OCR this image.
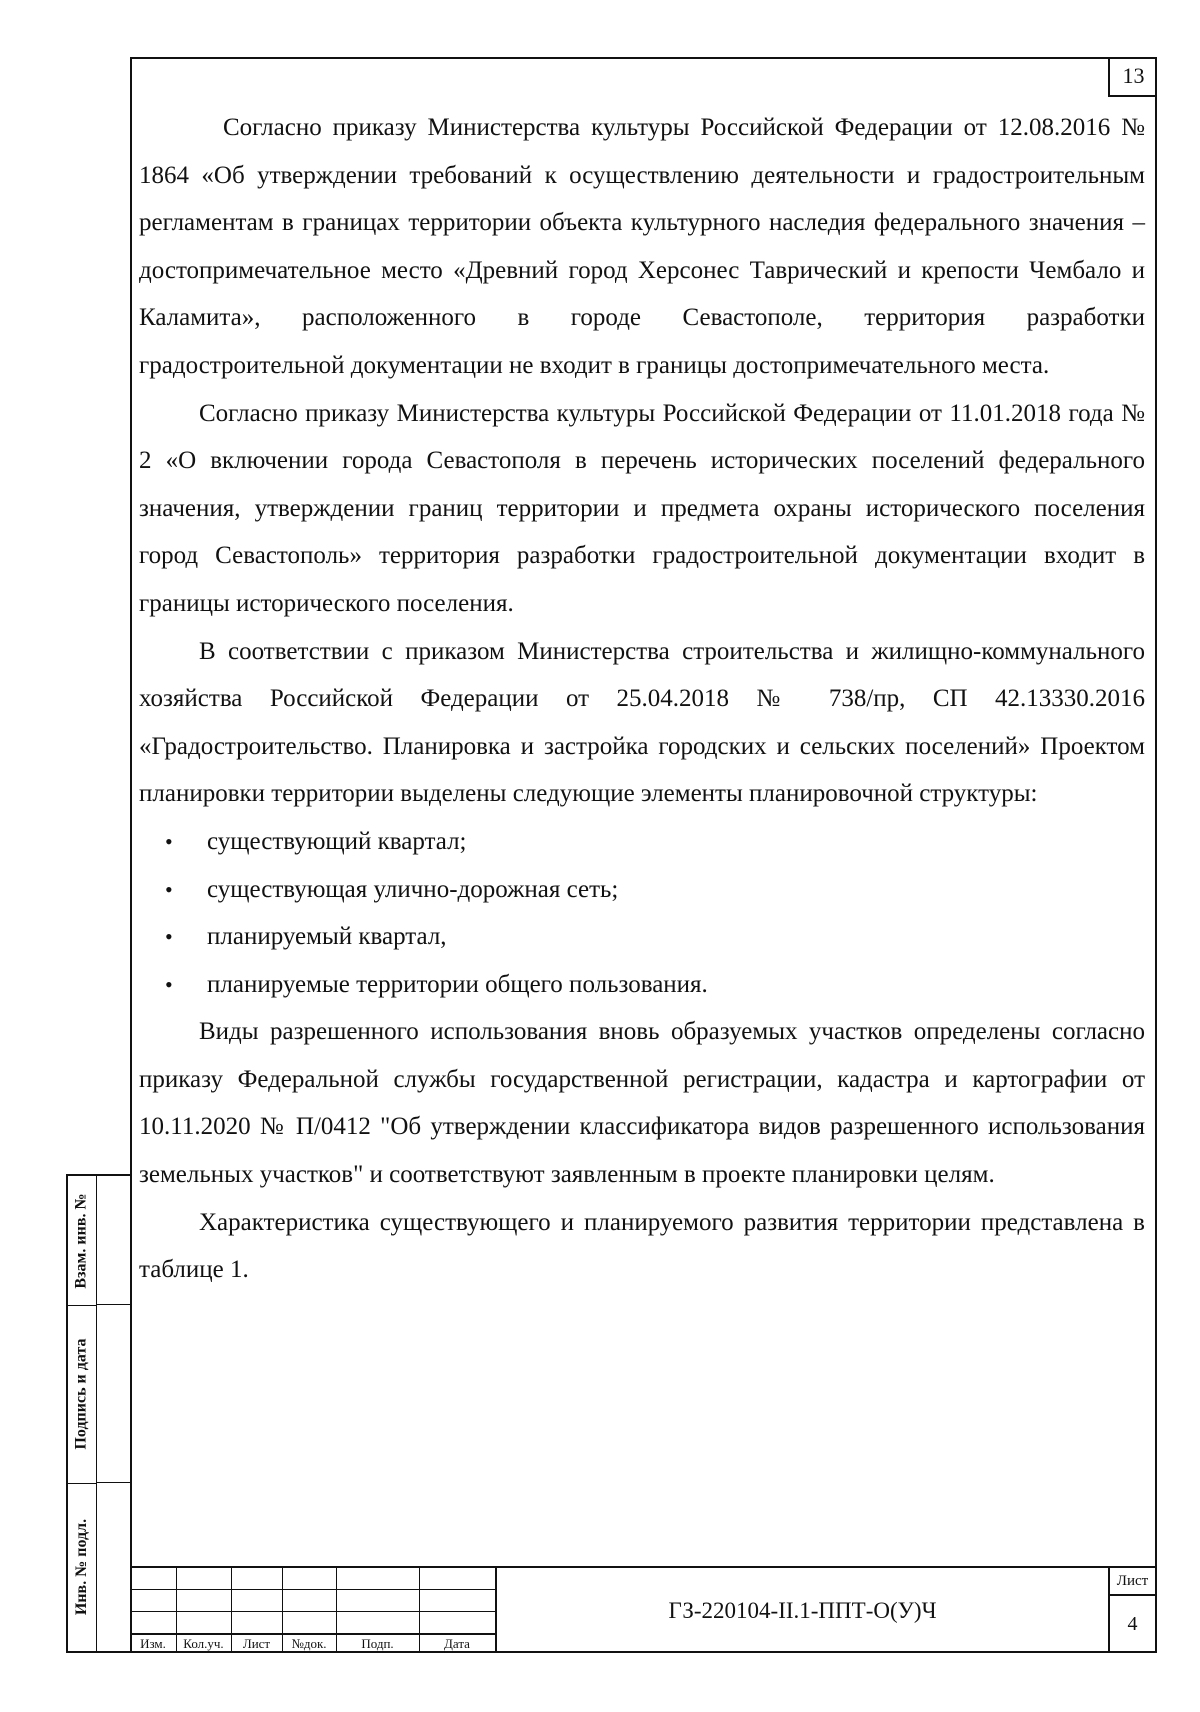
13

Согласно приказу Министерства культуры Российской Федерации от 12.08.2016 № 1864 «Об утверждении требований к осуществлению деятельности и градостроительным регламентам в границах территории объекта культурного наследия федерального значения – достопримечательное место «Древний город Херсонес Таврический и крепости Чембало и Каламита», расположенного в городе Севастополе, территория разработки градостроительной документации не входит в границы достопримечательного места.

Согласно приказу Министерства культуры Российской Федерации от 11.01.2018 года № 2 «О включении города Севастополя в перечень исторических поселений федерального значения, утверждении границ территории и предмета охраны исторического поселения город Севастополь» территория разработки градостроительной документации входит в границы исторического поселения.

В соответствии с приказом Министерства строительства и жилищно-коммунального хозяйства Российской Федерации от 25.04.2018 № 738/пр, СП 42.13330.2016 «Градостроительство. Планировка и застройка городских и сельских поселений» Проектом планировки территории выделены следующие элементы планировочной структуры:

• существующий квартал;
• существующая улично-дорожная сеть;
• планируемый квартал,
• планируемые территории общего пользования.

Виды разрешенного использования вновь образуемых участков определены согласно приказу Федеральной службы государственной регистрации, кадастра и картографии от 10.11.2020 № П/0412 "Об утверждении классификатора видов разрешенного использования земельных участков" и соответствуют заявленным в проекте планировки целям.

Характеристика существующего и планируемого развития территории представлена в таблице 1.

Взам. инв. №
Подпись и дата
Инв. № подл.
Изм.	Кол.уч.	Лист	№док.	Подп.	Дата
ГЗ-220104-II.1-ППТ-О(У)Ч
Лист
4
